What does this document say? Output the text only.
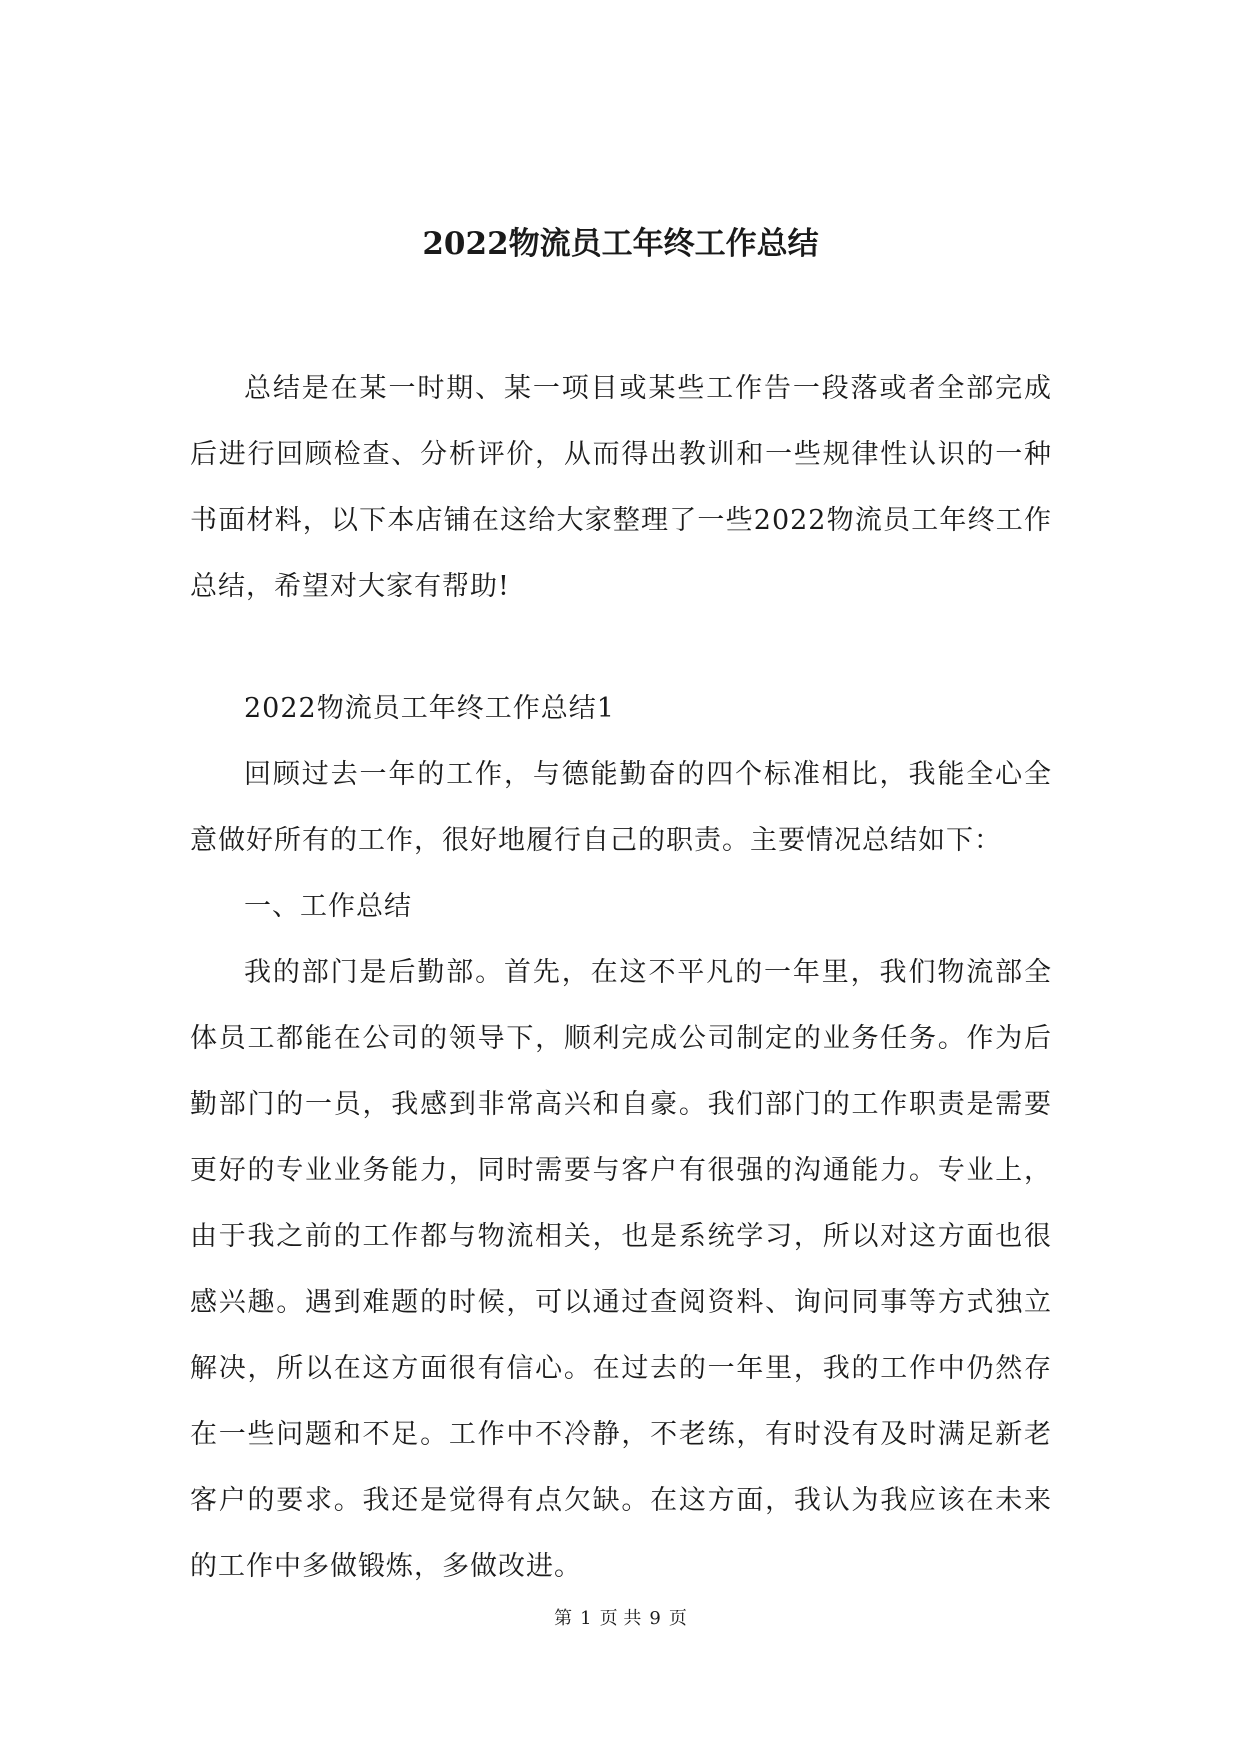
2022物流员工年终工作总结

总结是在某一时期、某一项目或某些工作告一段落或者全部完成后进行回顾检查、分析评价，从而得出教训和一些规律性认识的一种书面材料，以下本店铺在这给大家整理了一些2022物流员工年终工作总结，希望对大家有帮助!

2022物流员工年终工作总结1

回顾过去一年的工作，与德能勤奋的四个标准相比，我能全心全意做好所有的工作，很好地履行自己的职责。主要情况总结如下：

一、工作总结

我的部门是后勤部。首先，在这不平凡的一年里，我们物流部全体员工都能在公司的领导下，顺利完成公司制定的业务任务。作为后勤部门的一员，我感到非常高兴和自豪。我们部门的工作职责是需要更好的专业业务能力，同时需要与客户有很强的沟通能力。专业上，由于我之前的工作都与物流相关，也是系统学习，所以对这方面也很感兴趣。遇到难题的时候，可以通过查阅资料、询问同事等方式独立解决，所以在这方面很有信心。在过去的一年里，我的工作中仍然存在一些问题和不足。工作中不冷静，不老练，有时没有及时满足新老客户的要求。我还是觉得有点欠缺。在这方面，我认为我应该在未来的工作中多做锻炼，多做改进。

第 1 页 共 9 页
